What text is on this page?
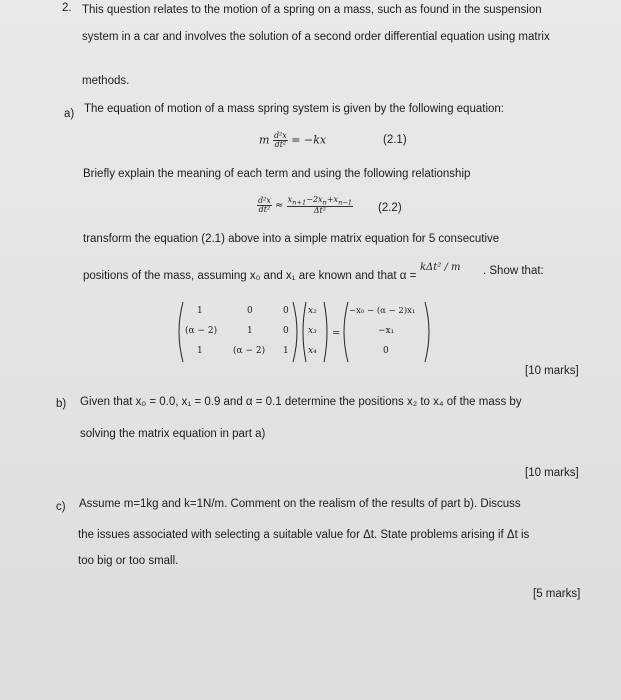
2. This question relates to the motion of a spring on a mass, such as found in the suspension
system in a car and involves the solution of a second order differential equation using matrix
methods.
a) The equation of motion of a mass spring system is given by the following equation:
m $\frac{\text{d²x}}{\text{dt²}} = -kx$	(2.1)
Briefly explain the meaning of each term and using the following relationship
$\frac{\text{d²x}}{\text{dt²}} \approx \frac{x_{n+1}-2x_n+x_{n-1}}{\text{Δt²}} (2.2)$
transform the equation (2.1) above into a simple matrix equation for 5 consecutive
positions of the mass, assuming x₀ and x₁ are known and that α =
kΔt² / m . Show that:
=
1	0	0
(α − 2)	1	0
1	(α − 2) 1
x₂
x₃
x₄
−x₀ − (α − 2)x₁
−x₁
0
[10 marks]
b) Given that x₀ = 0.0, x₁ = 0.9 and α = 0.1 determine the positions x₂ to x₄ of the mass by
solving the matrix equation in part a)
[10 marks]
c) Assume m=1kg and k=1N/m. Comment on the realism of the results of part b). Discuss
the issues associated with selecting a suitable value for Δt. State problems arising if Δt is
too big or too small.
[5 marks]
